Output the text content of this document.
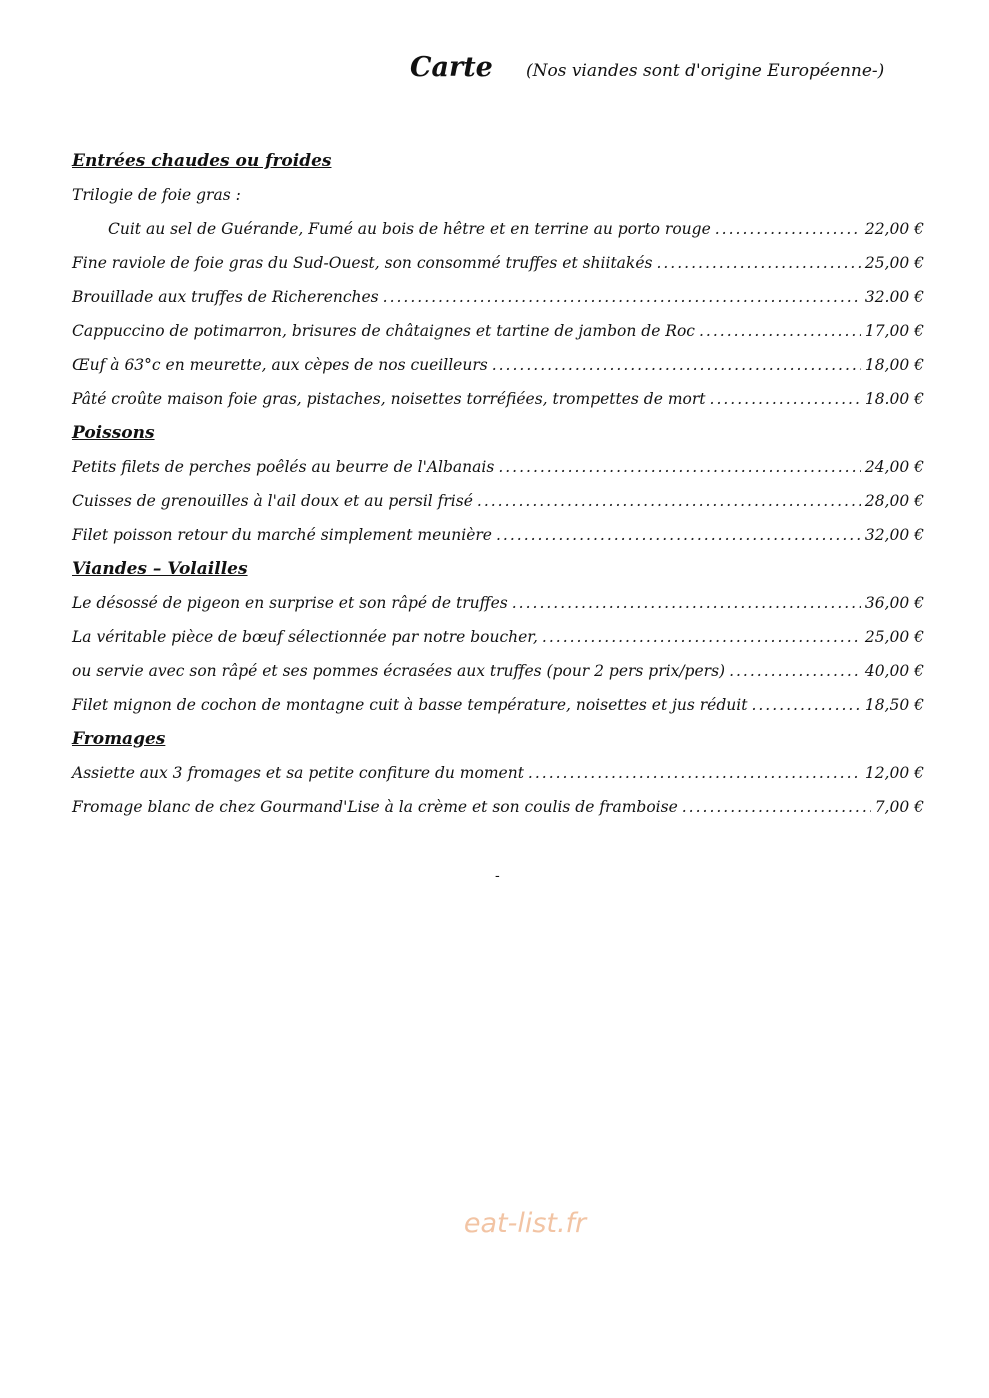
Carte (Nos viandes sont d'origine Européenne-)
Entrées chaudes ou froides
Trilogie de foie gras :
Cuit au sel de Guérande, Fumé au bois de hêtre et en terrine au porto rouge .....	22,00 €
Fine raviole de foie gras du Sud-Ouest, son consommé truffes et shiitakés .....	25,00 €
Brouillade aux truffes de Richerenches .....	32.00 €
Cappuccino de potimarron, brisures de châtaignes et tartine de jambon de Roc .....	17,00 €
Œuf à 63°c en meurette, aux cèpes de nos cueilleurs .....	18,00 €
Pâté croûte maison foie gras, pistaches, noisettes torréfiées, trompettes de mort .....	18.00 €
Poissons
Petits filets de perches poêlés au beurre de l'Albanais .....	24,00 €
Cuisses de grenouilles à l'ail doux et au persil frisé .....	28,00 €
Filet poisson retour du marché simplement meunière .....	32,00 €
Viandes – Volailles
Le désossé de pigeon en surprise et son râpé de truffes .....	36,00 €
La véritable pièce de bœuf sélectionnée par notre boucher, .....	25,00 €
ou servie avec son râpé et ses pommes écrasées aux truffes (pour 2 pers prix/pers) .....	40,00 €
Filet mignon de cochon de montagne cuit à basse température, noisettes et jus réduit .....	18,50 €
Fromages
Assiette aux 3 fromages et sa petite confiture du moment .....	12,00 €
Fromage blanc de chez Gourmand'Lise à la crème et son coulis de framboise .....	7,00 €
-
eat-list.fr
